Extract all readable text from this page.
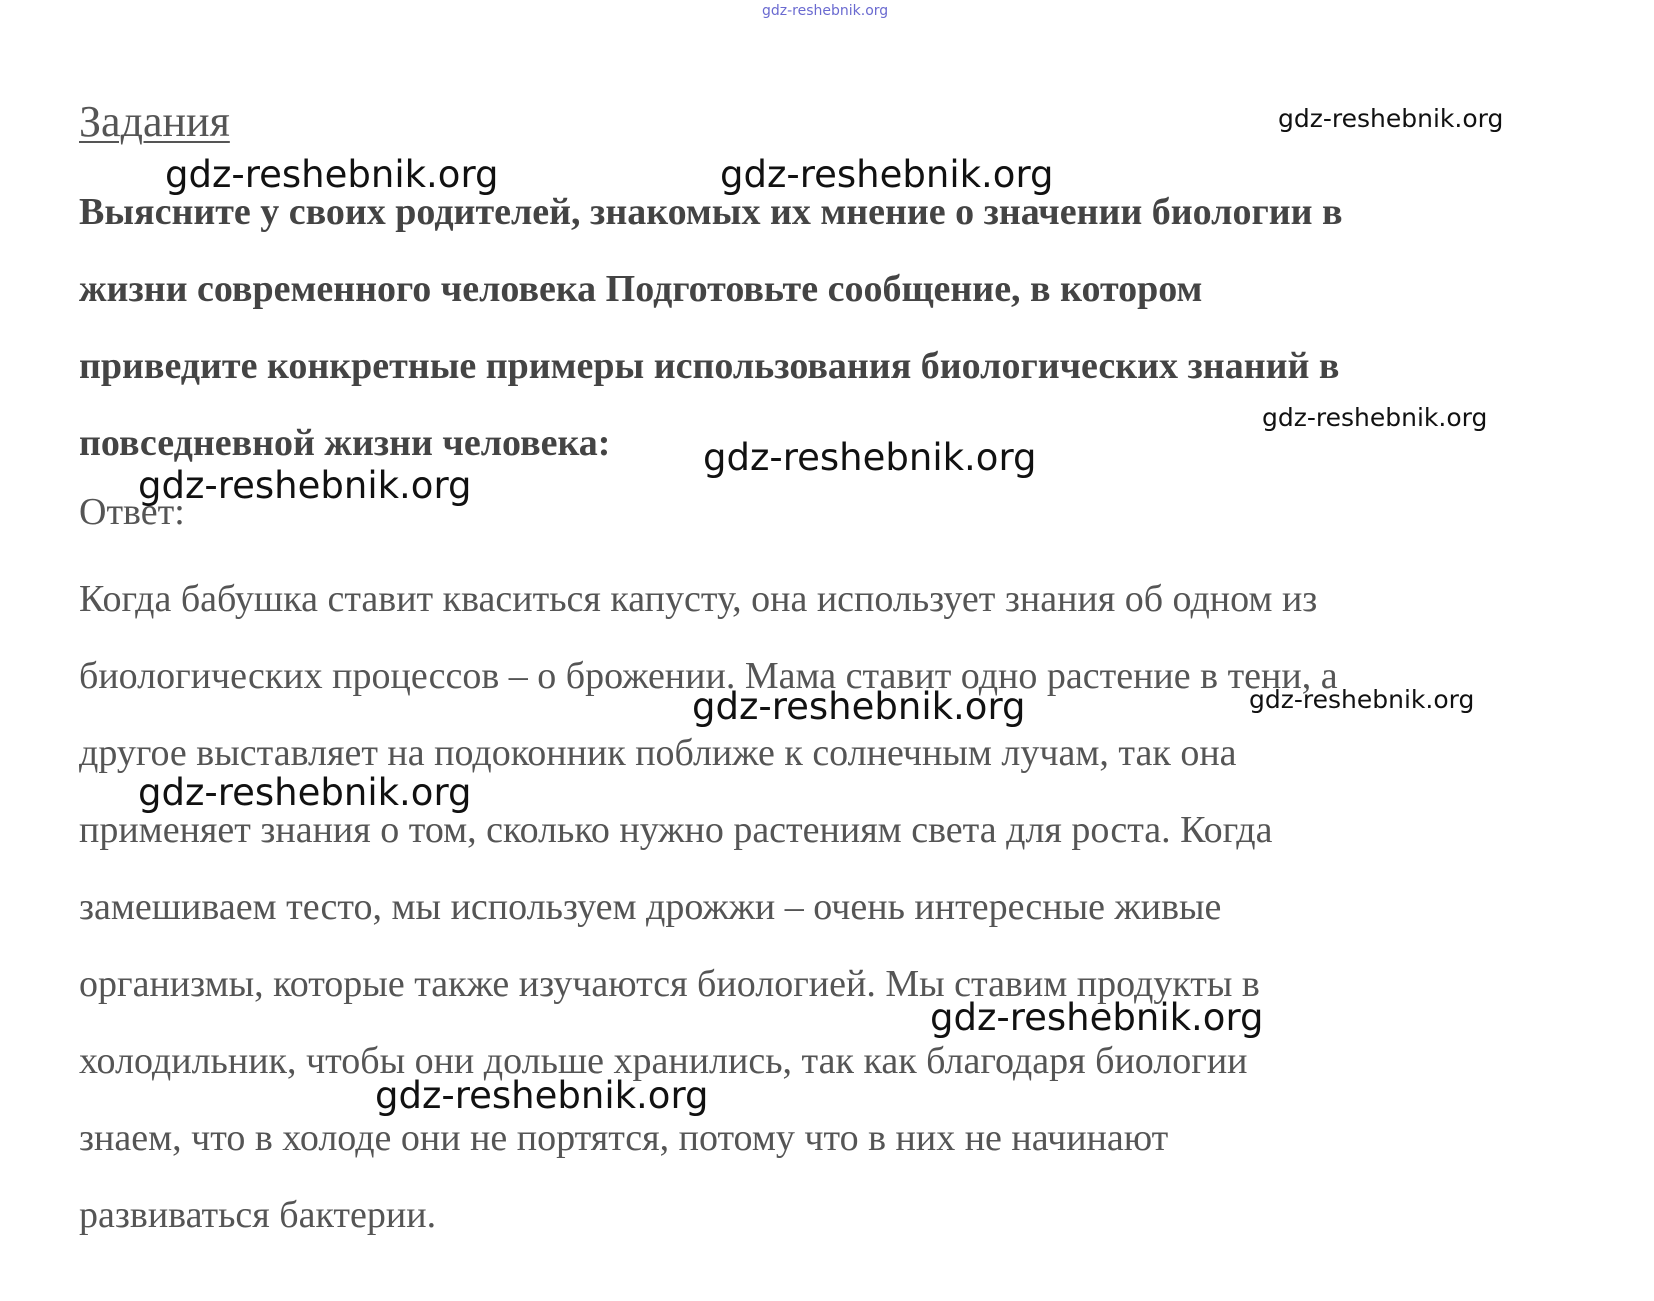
gdz-reshebnik.org
Задания
Выясните у своих родителей, знакомых их мнение о значении биологии в
жизни современного человека Подготовьте сообщение, в котором
приведите конкретные примеры использования биологических знаний в
повседневной жизни человека:
Ответ:
Когда бабушка ставит кваситься капусту, она использует знания об одном из
биологических процессов – о брожении. Мама ставит одно растение в тени, а
другое выставляет на подоконник поближе к солнечным лучам, так она
применяет знания о том, сколько нужно растениям света для роста. Когда
замешиваем тесто, мы используем дрожжи – очень интересные живые
организмы, которые также изучаются биологией. Мы ставим продукты в
холодильник, чтобы они дольше хранились, так как благодаря биологии
знаем, что в холоде они не портятся, потому что в них не начинают
развиваться бактерии.
gdz-reshebnik.org
gdz-reshebnik.org	gdz-reshebnik.org
gdz-reshebnik.org
gdz-reshebnik.org
gdz-reshebnik.org
gdz-reshebnik.org	gdz-reshebnik.org
gdz-reshebnik.org
gdz-reshebnik.org
gdz-reshebnik.org
